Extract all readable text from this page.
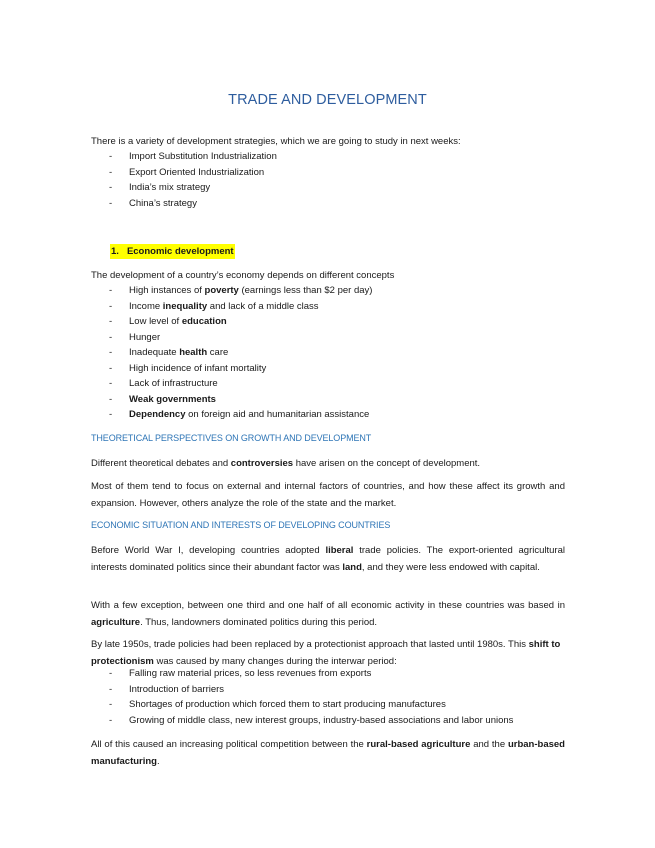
TRADE AND DEVELOPMENT

There is a variety of development strategies, which we are going to study in next weeks:

- Import Substitution Industrialization
- Export Oriented Industrialization
- India’s mix strategy
- China’s strategy
1. Economic development

The development of a country’s economy depends on different concepts

- High instances of poverty (earnings less than $2 per day)
- Income inequality and lack of a middle class
- Low level of education
- Hunger
- Inadequate health care
- High incidence of infant mortality
- Lack of infrastructure
- Weak governments
- Dependency on foreign aid and humanitarian assistance
THEORETICAL PERSPECTIVES ON GROWTH AND DEVELOPMENT

Different theoretical debates and controversies have arisen on the concept of development.

Most of them tend to focus on external and internal factors of countries, and how these affect its growth and expansion. However, others analyze the role of the state and the market.

ECONOMIC SITUATION AND INTERESTS OF DEVELOPING COUNTRIES

Before World War I, developing countries adopted liberal trade policies. The export-oriented agricultural interests dominated politics since their abundant factor was land, and they were less endowed with capital.

With a few exception, between one third and one half of all economic activity in these countries was based in agriculture. Thus, landowners dominated politics during this period.

By late 1950s, trade policies had been replaced by a protectionist approach that lasted until 1980s. This shift to protectionism was caused by many changes during the interwar period:

- Falling raw material prices, so less revenues from exports
- Introduction of barriers
- Shortages of production which forced them to start producing manufactures
- Growing of middle class, new interest groups, industry-based associations and labor unions

All of this caused an increasing political competition between the rural-based agriculture and the urban-based manufacturing.
